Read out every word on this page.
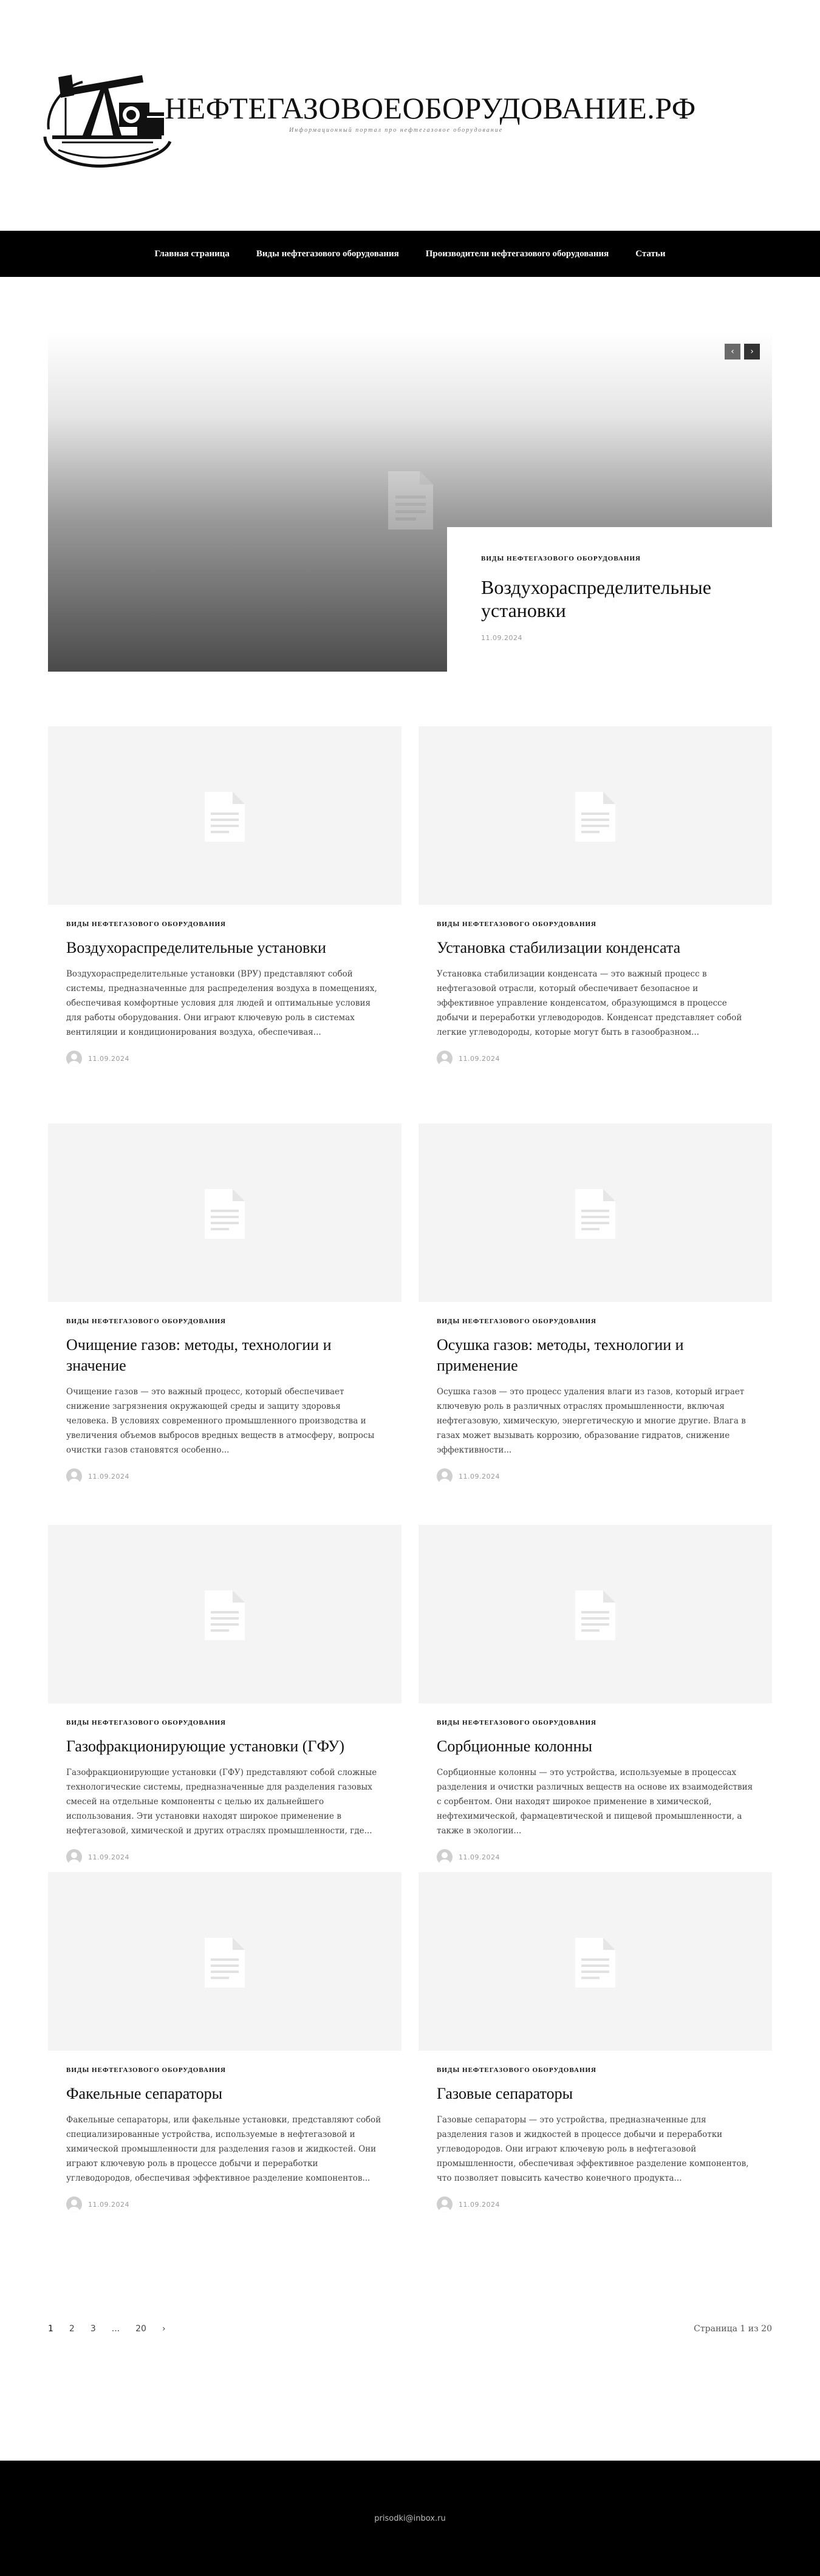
НЕФТЕГАЗОВОЕОБОРУДОВАНИЕ.РФ
Информационный портал про нефтегазовое оборудование
Главная страница	Виды нефтегазового оборудования	Производители нефтегазового оборудования	Статьи
‹ ›
ВИДЫ НЕФТЕГАЗОВОГО ОБОРУДОВАНИЯ
Воздухораспределительные установки
11.09.2024
ВИДЫ НЕФТЕГАЗОВОГО ОБОРУДОВАНИЯ
Воздухораспределительные установки
Воздухораспределительные установки (ВРУ) представляют собой системы, предназначенные для распределения воздуха в помещениях, обеспечивая комфортные условия для людей и оптимальные условия для работы оборудования. Они играют ключевую роль в системах вентиляции и кондиционирования воздуха, обеспечивая...
11.09.2024
ВИДЫ НЕФТЕГАЗОВОГО ОБОРУДОВАНИЯ
Установка стабилизации конденсата
Установка стабилизации конденсата — это важный процесс в нефтегазовой отрасли, который обеспечивает безопасное и эффективное управление конденсатом, образующимся в процессе добычи и переработки углеводородов. Конденсат представляет собой легкие углеводороды, которые могут быть в газообразном...
11.09.2024
ВИДЫ НЕФТЕГАЗОВОГО ОБОРУДОВАНИЯ
Очищение газов: методы, технологии и значение
Очищение газов — это важный процесс, который обеспечивает снижение загрязнения окружающей среды и защиту здоровья человека. В условиях современного промышленного производства и увеличения объемов выбросов вредных веществ в атмосферу, вопросы очистки газов становятся особенно...
11.09.2024
ВИДЫ НЕФТЕГАЗОВОГО ОБОРУДОВАНИЯ
Осушка газов: методы, технологии и применение
Осушка газов — это процесс удаления влаги из газов, который играет ключевую роль в различных отраслях промышленности, включая нефтегазовую, химическую, энергетическую и многие другие. Влага в газах может вызывать коррозию, образование гидратов, снижение эффективности...
11.09.2024
ВИДЫ НЕФТЕГАЗОВОГО ОБОРУДОВАНИЯ
Газофракционирующие установки (ГФУ)
Газофракционирующие установки (ГФУ) представляют собой сложные технологические системы, предназначенные для разделения газовых смесей на отдельные компоненты с целью их дальнейшего использования. Эти установки находят широкое применение в нефтегазовой, химической и других отраслях промышленности, где...
11.09.2024
ВИДЫ НЕФТЕГАЗОВОГО ОБОРУДОВАНИЯ
Сорбционные колонны
Сорбционные колонны — это устройства, используемые в процессах разделения и очистки различных веществ на основе их взаимодействия с сорбентом. Они находят широкое применение в химической, нефтехимической, фармацевтической и пищевой промышленности, а также в экологии...
11.09.2024
ВИДЫ НЕФТЕГАЗОВОГО ОБОРУДОВАНИЯ
Факельные сепараторы
Факельные сепараторы, или факельные установки, представляют собой специализированные устройства, используемые в нефтегазовой и химической промышленности для разделения газов и жидкостей. Они играют ключевую роль в процессе добычи и переработки углеводородов, обеспечивая эффективное разделение компонентов...
11.09.2024
ВИДЫ НЕФТЕГАЗОВОГО ОБОРУДОВАНИЯ
Газовые сепараторы
Газовые сепараторы — это устройства, предназначенные для разделения газов и жидкостей в процессе добычи и переработки углеводородов. Они играют ключевую роль в нефтегазовой промышленности, обеспечивая эффективное разделение компонентов, что позволяет повысить качество конечного продукта...
11.09.2024
1 2 3 ... 20 ›	Страница 1 из 20
prisodki@inbox.ru
